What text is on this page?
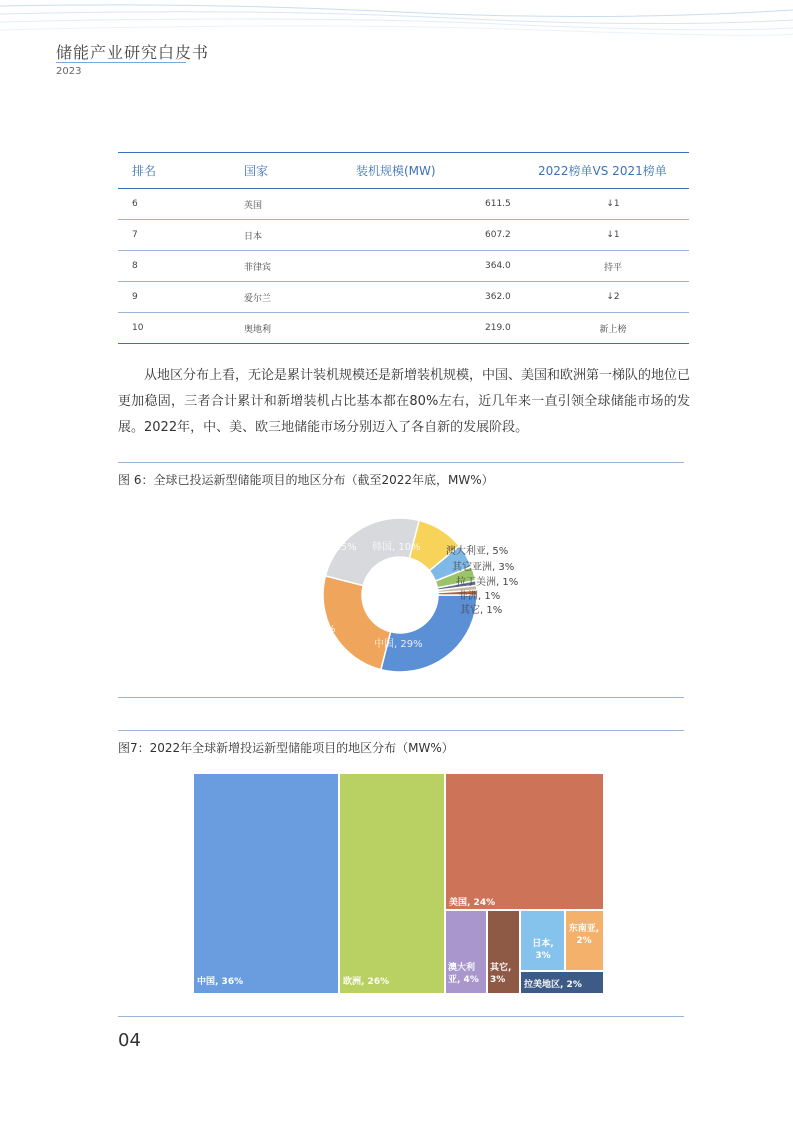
储能产业研究白皮书
2023
排名	国家	装机规模(MW)	2022榜单VS 2021榜单
6	英国	611.5	↓1
7	日本	607.2	↓1
8	菲律宾	364.0	持平
9	爱尔兰	362.0	↓2
10	奥地利	219.0	新上榜
从地区分布上看，无论是累计装机规模还是新增装机规模，中国、美国和欧洲第一梯队的地位已更加稳固，三者合计累计和新增装机占比基本都在80%左右，近几年来一直引领全球储能市场的发展。2022年，中、美、欧三地储能市场分别迈入了各自新的发展阶段。
图 6：全球已投运新型储能项目的地区分布（截至2022年底，MW%）
欧洲, 25% 韩国, 10%	澳大利亚, 5%
其它亚洲, 3%
拉丁美洲, 1%
非洲, 1%
其它, 1%
中国, 29%
美国, 25%
图7：2022年全球新增投运新型储能项目的地区分布（MW%）
中国, 36%	欧洲, 26%
美国, 24%
澳大利亚, 4%
其它, 3%
日本, 3%
东南亚, 2%
拉美地区, 2%
04
